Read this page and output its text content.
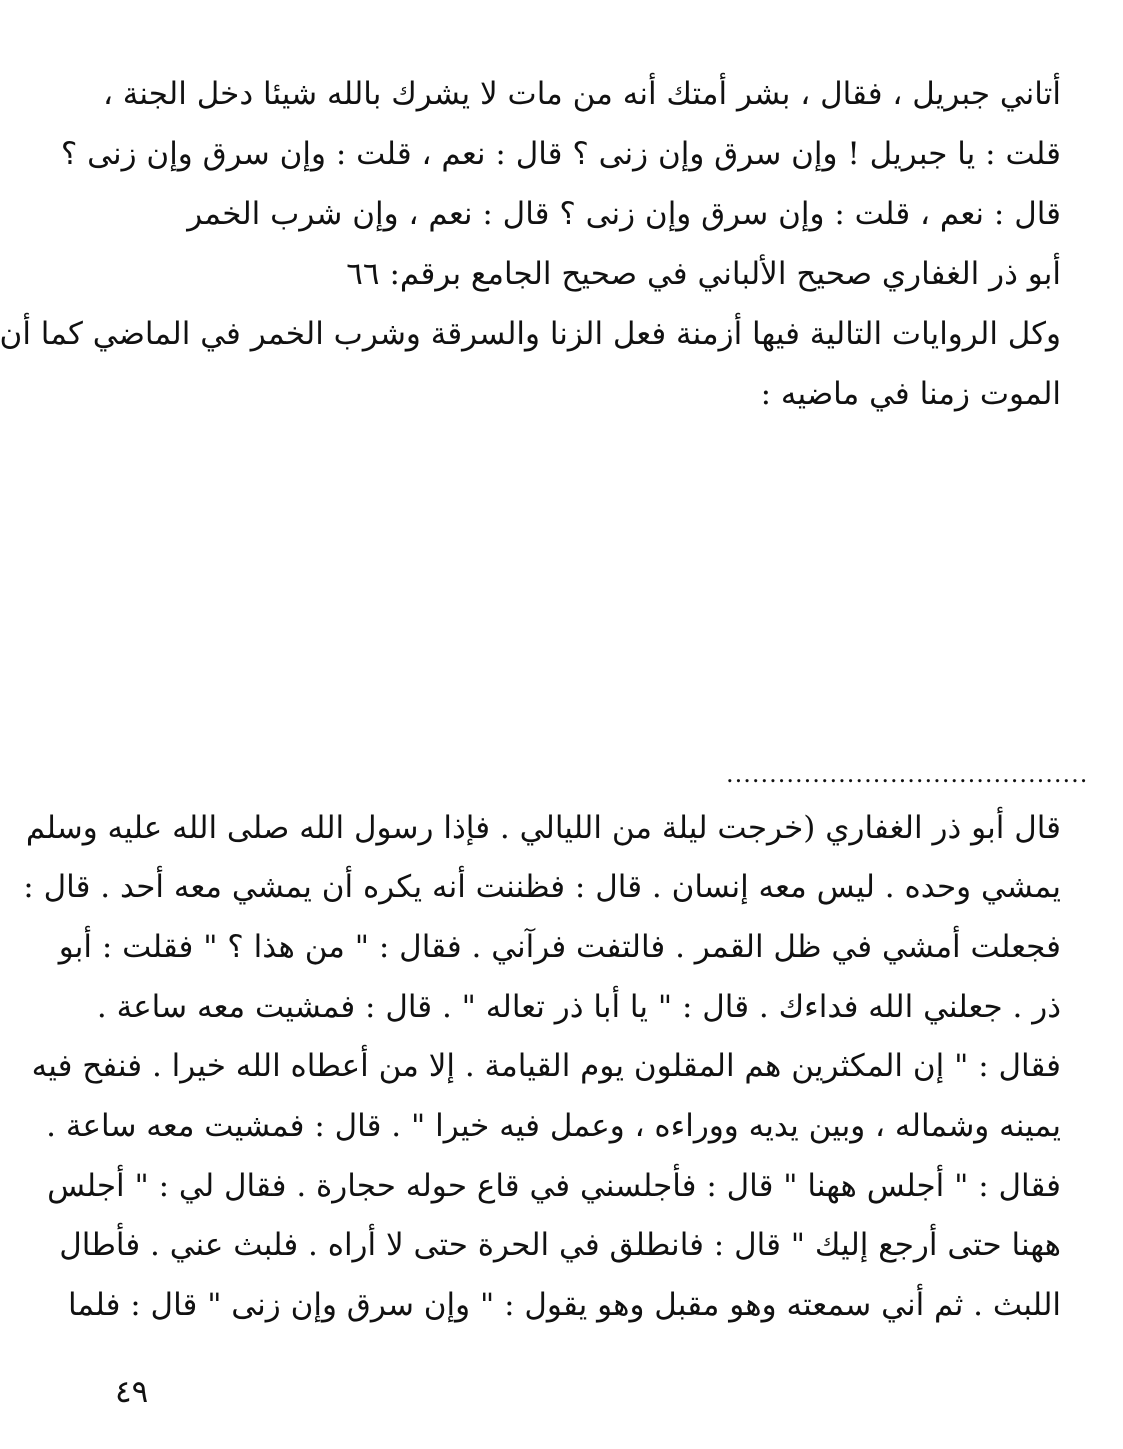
أتاني جبريل ، فقال ، بشر أمتك أنه من مات لا يشرك بالله شيئا دخل الجنة ،
قلت : يا جبريل ! وإن سرق وإن زنى ؟ قال : نعم ، قلت : وإن سرق وإن زنى ؟
قال : نعم ، قلت : وإن سرق وإن زنى ؟ قال : نعم ، وإن شرب الخمر
أبو ذر الغفاري صحيح الألباني في صحيح الجامع برقم: ٦٦
وكل الروايات التالية فيها أزمنة فعل الزنا والسرقة وشرب الخمر في الماضي كما أن
الموت زمنا في ماضيه :
..........................................
قال أبو ذر الغفاري (خرجت ليلة من الليالي . فإذا رسول الله صلى الله عليه وسلم
يمشي وحده . ليس معه إنسان . قال : فظننت أنه يكره أن يمشي معه أحد . قال :
فجعلت أمشي في ظل القمر . فالتفت فرآني . فقال : " من هذا ؟ " فقلت : أبو
ذر . جعلني الله فداءك . قال : " يا أبا ذر تعاله " . قال : فمشيت معه ساعة .
فقال : " إن المكثرين هم المقلون يوم القيامة . إلا من أعطاه الله خيرا . فنفح فيه
يمينه وشماله ، وبين يديه ووراءه ، وعمل فيه خيرا " . قال : فمشيت معه ساعة .
فقال : " أجلس ههنا " قال : فأجلسني في قاع حوله حجارة . فقال لي : " أجلس
ههنا حتى أرجع إليك " قال : فانطلق في الحرة حتى لا أراه . فلبث عني . فأطال
اللبث . ثم أني سمعته وهو مقبل وهو يقول : " وإن سرق وإن زنى " قال : فلما
٤٩
